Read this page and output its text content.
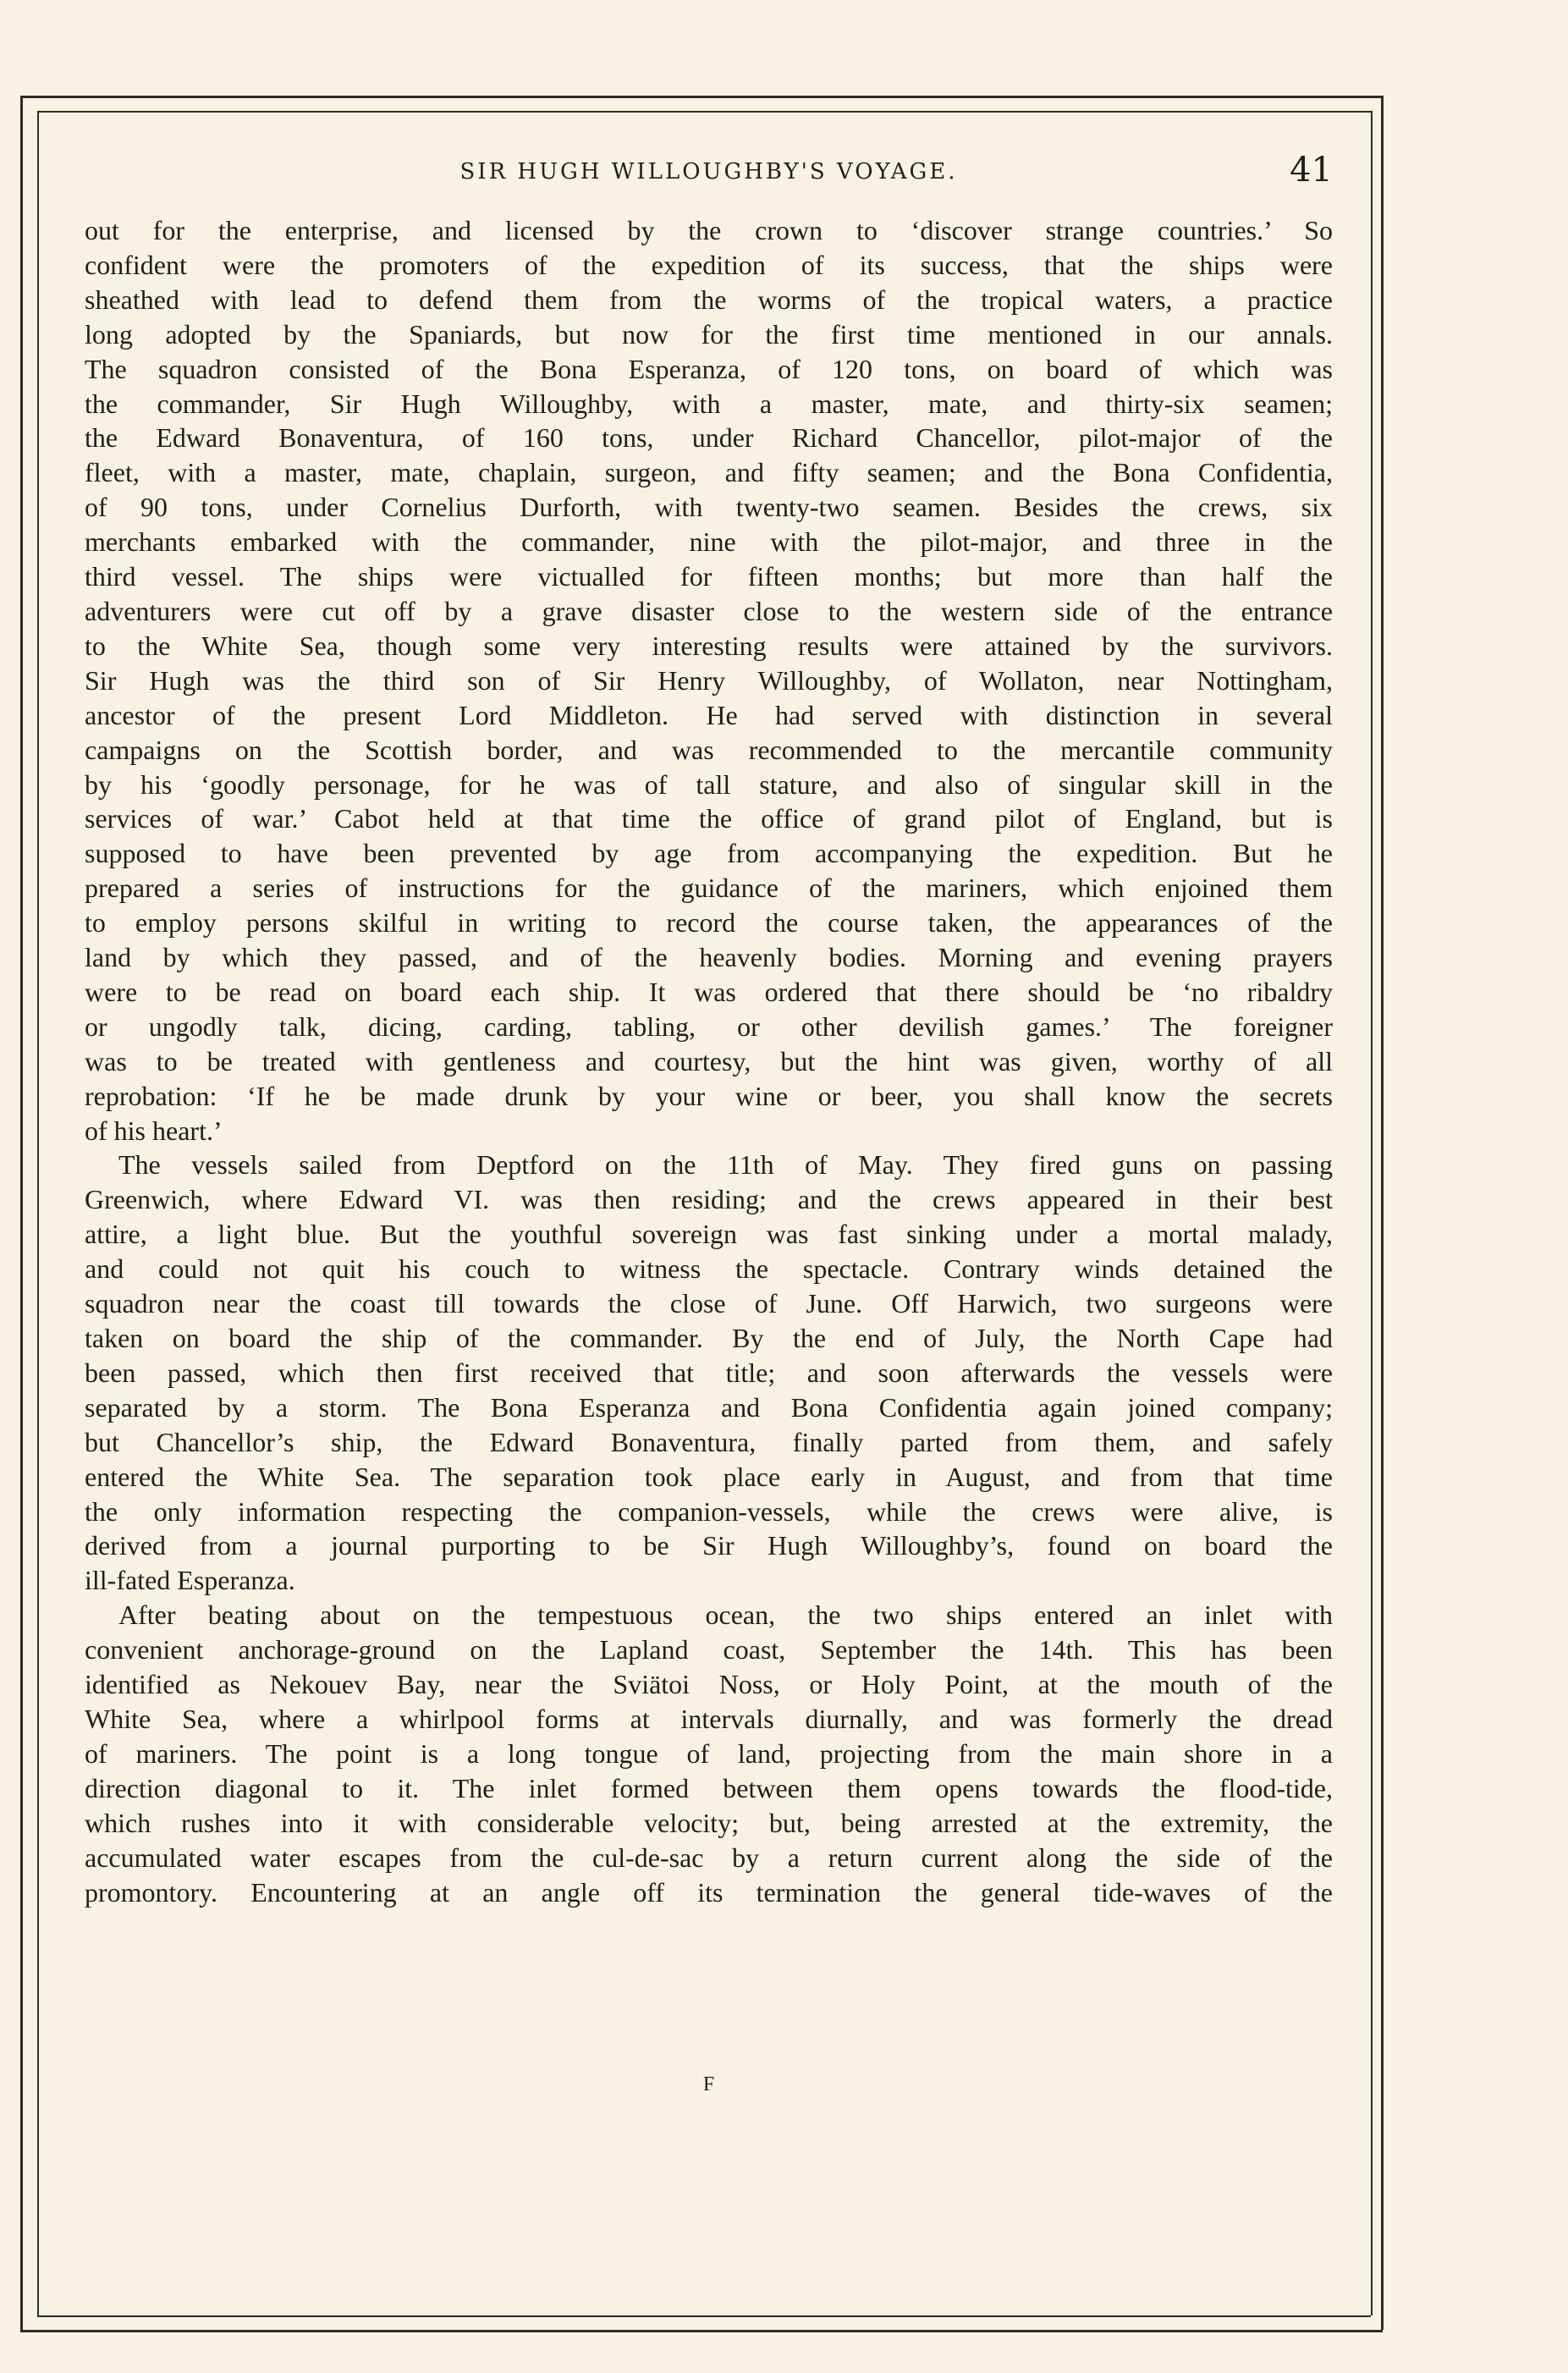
SIR HUGH WILLOUGHBY'S VOYAGE.	41
out for the enterprise, and licensed by the crown to ‘discover strange countries.’ So
confident were the promoters of the expedition of its success, that the ships were
sheathed with lead to defend them from the worms of the tropical waters, a practice
long adopted by the Spaniards, but now for the first time mentioned in our annals.
The squadron consisted of the Bona Esperanza, of 120 tons, on board of which was
the commander, Sir Hugh Willoughby, with a master, mate, and thirty-six seamen;
the Edward Bonaventura, of 160 tons, under Richard Chancellor, pilot-major of the
fleet, with a master, mate, chaplain, surgeon, and fifty seamen; and the Bona Confidentia,
of 90 tons, under Cornelius Durforth, with twenty-two seamen. Besides the crews, six
merchants embarked with the commander, nine with the pilot-major, and three in the
third vessel. The ships were victualled for fifteen months; but more than half the
adventurers were cut off by a grave disaster close to the western side of the entrance
to the White Sea, though some very interesting results were attained by the survivors.
Sir Hugh was the third son of Sir Henry Willoughby, of Wollaton, near Nottingham,
ancestor of the present Lord Middleton. He had served with distinction in several
campaigns on the Scottish border, and was recommended to the mercantile community
by his ‘goodly personage, for he was of tall stature, and also of singular skill in the
services of war.’ Cabot held at that time the office of grand pilot of England, but is
supposed to have been prevented by age from accompanying the expedition. But he
prepared a series of instructions for the guidance of the mariners, which enjoined them
to employ persons skilful in writing to record the course taken, the appearances of the
land by which they passed, and of the heavenly bodies. Morning and evening prayers
were to be read on board each ship. It was ordered that there should be ‘no ribaldry
or ungodly talk, dicing, carding, tabling, or other devilish games.’ The foreigner
was to be treated with gentleness and courtesy, but the hint was given, worthy of all
reprobation: ‘If he be made drunk by your wine or beer, you shall know the secrets
of his heart.’
The vessels sailed from Deptford on the 11th of May. They fired guns on passing
Greenwich, where Edward VI. was then residing; and the crews appeared in their best
attire, a light blue. But the youthful sovereign was fast sinking under a mortal malady,
and could not quit his couch to witness the spectacle. Contrary winds detained the
squadron near the coast till towards the close of June. Off Harwich, two surgeons were
taken on board the ship of the commander. By the end of July, the North Cape had
been passed, which then first received that title; and soon afterwards the vessels were
separated by a storm. The Bona Esperanza and Bona Confidentia again joined company;
but Chancellor’s ship, the Edward Bonaventura, finally parted from them, and safely
entered the White Sea. The separation took place early in August, and from that time
the only information respecting the companion-vessels, while the crews were alive, is
derived from a journal purporting to be Sir Hugh Willoughby’s, found on board the
ill-fated Esperanza.
After beating about on the tempestuous ocean, the two ships entered an inlet with
convenient anchorage-ground on the Lapland coast, September the 14th. This has been
identified as Nekouev Bay, near the Sviätoi Noss, or Holy Point, at the mouth of the
White Sea, where a whirlpool forms at intervals diurnally, and was formerly the dread
of mariners. The point is a long tongue of land, projecting from the main shore in a
direction diagonal to it. The inlet formed between them opens towards the flood-tide,
which rushes into it with considerable velocity; but, being arrested at the extremity, the
accumulated water escapes from the cul-de-sac by a return current along the side of the
promontory. Encountering at an angle off its termination the general tide-waves of the
F
